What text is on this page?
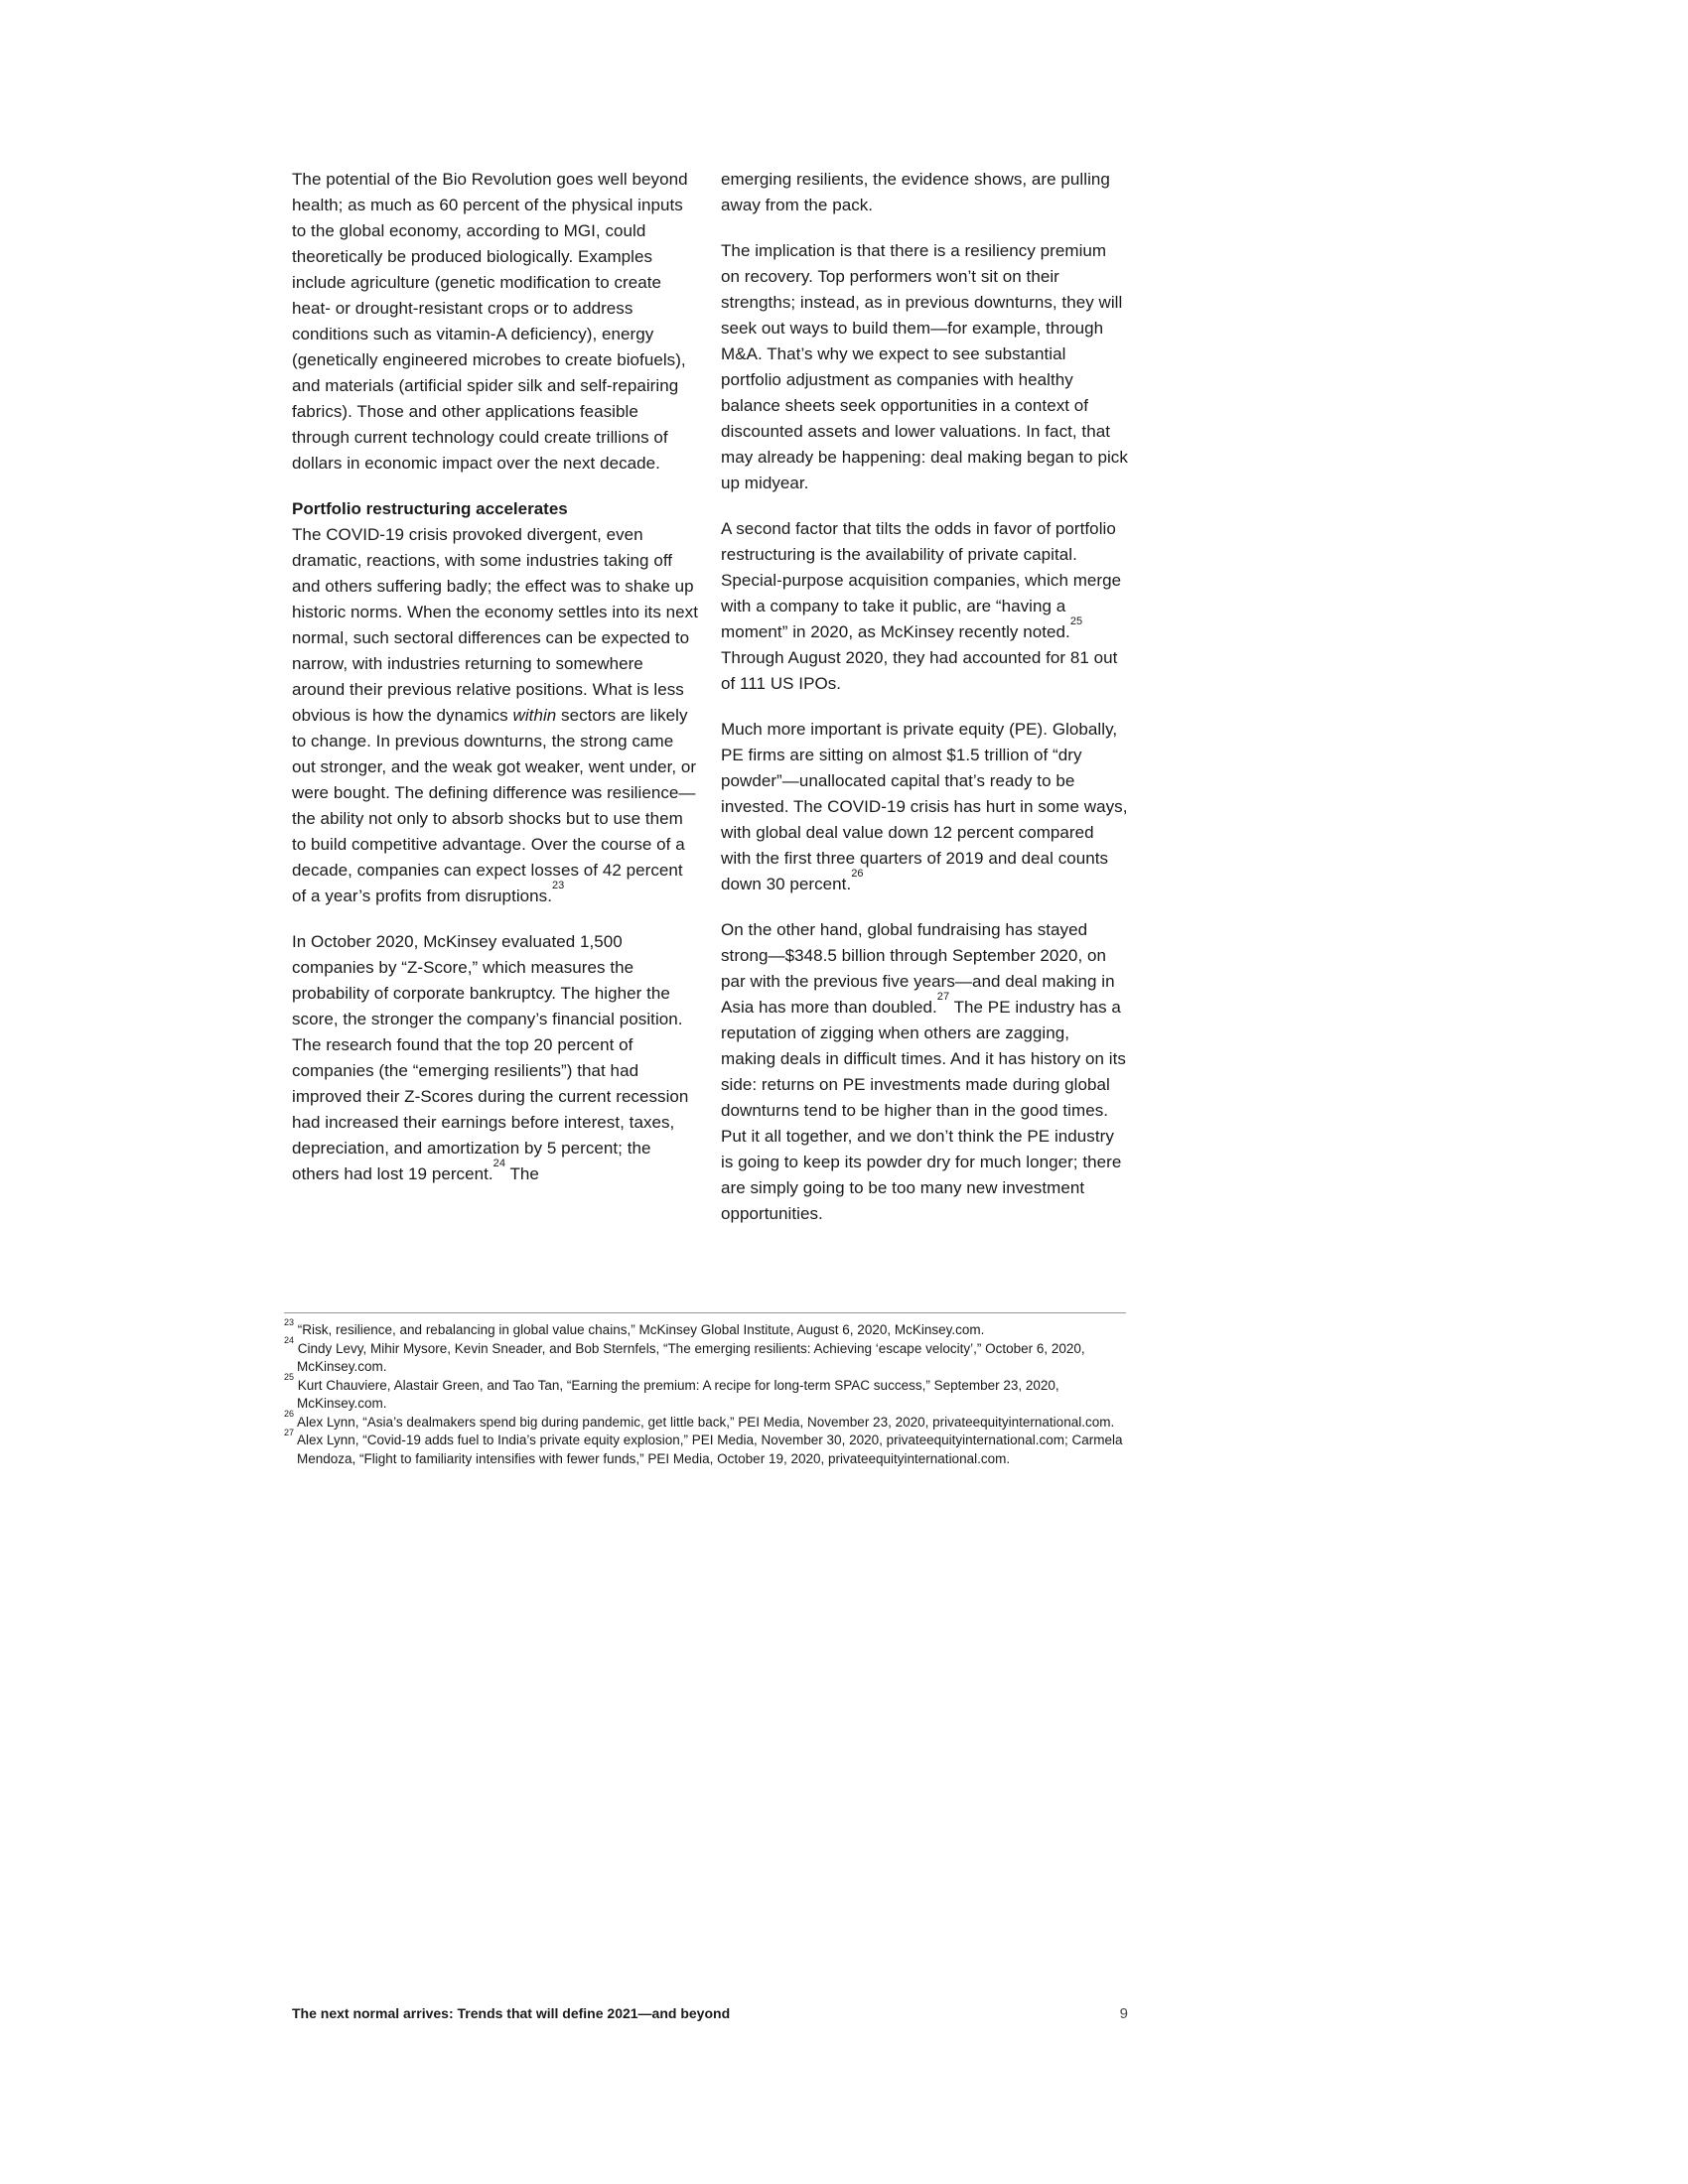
The potential of the Bio Revolution goes well beyond health; as much as 60 percent of the physical inputs to the global economy, according to MGI, could theoretically be produced biologically. Examples include agriculture (genetic modification to create heat- or drought-resistant crops or to address conditions such as vitamin-A deficiency), energy (genetically engineered microbes to create biofuels), and materials (artificial spider silk and self-repairing fabrics). Those and other applications feasible through current technology could create trillions of dollars in economic impact over the next decade.

Portfolio restructuring accelerates

The COVID-19 crisis provoked divergent, even dramatic, reactions, with some industries taking off and others suffering badly; the effect was to shake up historic norms. When the economy settles into its next normal, such sectoral differences can be expected to narrow, with industries returning to somewhere around their previous relative positions. What is less obvious is how the dynamics within sectors are likely to change. In previous downturns, the strong came out stronger, and the weak got weaker, went under, or were bought. The defining difference was resilience—the ability not only to absorb shocks but to use them to build competitive advantage. Over the course of a decade, companies can expect losses of 42 percent of a year’s profits from disruptions.$^{23}$

In October 2020, McKinsey evaluated 1,500 companies by “Z-Score,” which measures the probability of corporate bankruptcy. The higher the score, the stronger the company’s financial position. The research found that the top 20 percent of companies (the “emerging resilients”) that had improved their Z-Scores during the current recession had increased their earnings before interest, taxes, depreciation, and amortization by 5 percent; the others had lost 19 percent.$^{24}$ The

emerging resilients, the evidence shows, are pulling away from the pack.

The implication is that there is a resiliency premium on recovery. Top performers won’t sit on their strengths; instead, as in previous downturns, they will seek out ways to build them—for example, through M&A. That’s why we expect to see substantial portfolio adjustment as companies with healthy balance sheets seek opportunities in a context of discounted assets and lower valuations. In fact, that may already be happening: deal making began to pick up midyear.

A second factor that tilts the odds in favor of portfolio restructuring is the availability of private capital. Special-purpose acquisition companies, which merge with a company to take it public, are “having a moment” in 2020, as McKinsey recently noted.$^{25}$ Through August 2020, they had accounted for 81 out of 111 US IPOs.

Much more important is private equity (PE). Globally, PE firms are sitting on almost $1.5 trillion of “dry powder”—unallocated capital that’s ready to be invested. The COVID-19 crisis has hurt in some ways, with global deal value down 12 percent compared with the first three quarters of 2019 and deal counts down 30 percent.$^{26}$

On the other hand, global fundraising has stayed strong—$348.5 billion through September 2020, on par with the previous five years—and deal making in Asia has more than doubled.$^{27}$ The PE industry has a reputation of zigging when others are zagging, making deals in difficult times. And it has history on its side: returns on PE investments made during global downturns tend to be higher than in the good times. Put it all together, and we don’t think the PE industry is going to keep its powder dry for much longer; there are simply going to be too many new investment opportunities.

$^{23}$ “Risk, resilience, and rebalancing in global value chains,” McKinsey Global Institute, August 6, 2020, McKinsey.com.
$^{24}$ Cindy Levy, Mihir Mysore, Kevin Sneader, and Bob Sternfels, “The emerging resilients: Achieving ‘escape velocity’,” October 6, 2020, McKinsey.com.
$^{25}$ Kurt Chauviere, Alastair Green, and Tao Tan, “Earning the premium: A recipe for long-term SPAC success,” September 23, 2020, McKinsey.com.
$^{26}$ Alex Lynn, “Asia’s dealmakers spend big during pandemic, get little back,” PEI Media, November 23, 2020, privateequityinternational.com.
$^{27}$ Alex Lynn, “Covid-19 adds fuel to India’s private equity explosion,” PEI Media, November 30, 2020, privateequityinternational.com; Carmela Mendoza, “Flight to familiarity intensifies with fewer funds,” PEI Media, October 19, 2020, privateequityinternational.com.
The next normal arrives: Trends that will define 2021—and beyond	9
